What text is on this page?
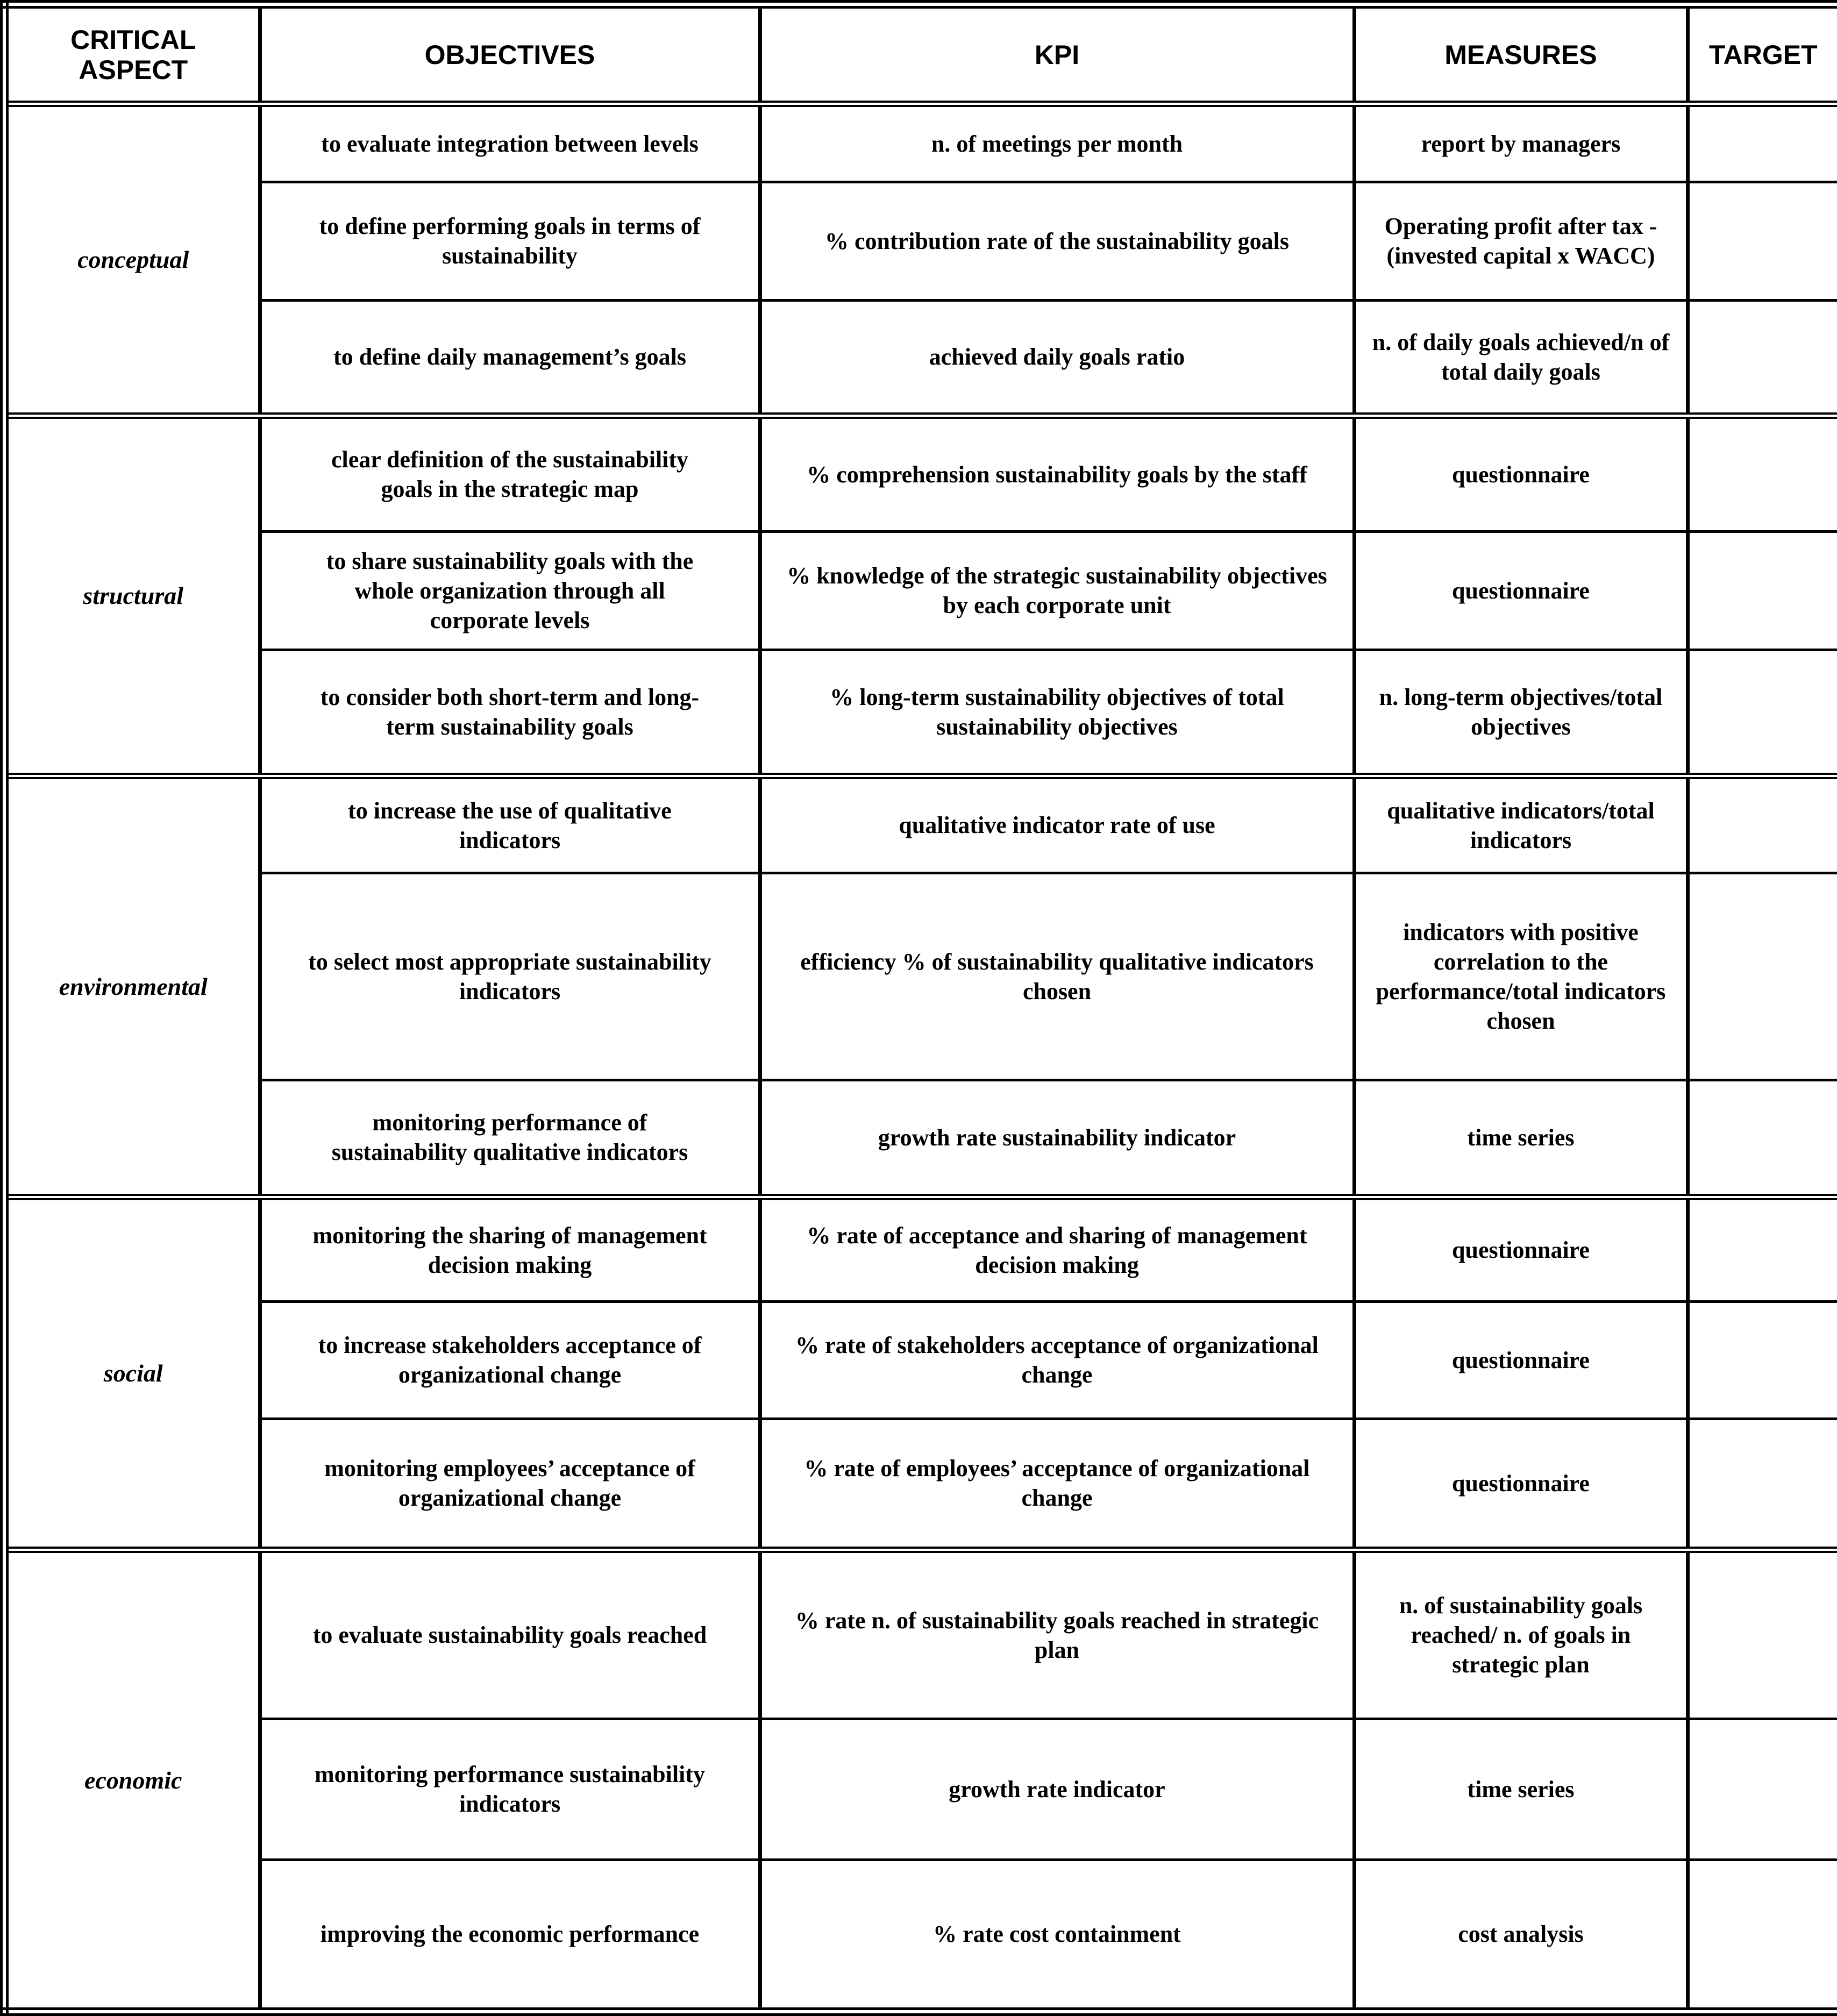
CRITICAL ASPECT	OBJECTIVES	KPI	MEASURES	TARGET
conceptual	to evaluate integration between levels	n. of meetings per month	report by managers	
	to define performing goals in terms of sustainability	% contribution rate of the sustainability goals	Operating profit after tax - (invested capital x WACC)	
	to define daily management’s goals	achieved daily goals ratio	n. of daily goals achieved/n of total daily goals	
structural	clear definition of the sustainability goals in the strategic map	% comprehension sustainability goals by the staff	questionnaire	
	to share sustainability goals with the whole organization through all corporate levels	% knowledge of the strategic sustainability objectives by each corporate unit	questionnaire	
	to consider both short-term and long-term sustainability goals	% long-term sustainability objectives of total sustainability objectives	n. long-term objectives/total objectives	
environmental	to increase the use of qualitative indicators	qualitative indicator rate of use	qualitative indicators/total indicators	
	to select most appropriate sustainability indicators	efficiency % of sustainability qualitative indicators chosen	indicators with positive correlation to the performance/total indicators chosen	
	monitoring performance of sustainability qualitative indicators	growth rate sustainability indicator	time series	
social	monitoring the sharing of management decision making	% rate of acceptance and sharing of management decision making	questionnaire	
	to increase stakeholders acceptance of organizational change	% rate of stakeholders acceptance of organizational change	questionnaire	
	monitoring employees’ acceptance of organizational change	% rate of employees’ acceptance of organizational change	questionnaire	
economic	to evaluate sustainability goals reached	% rate n. of sustainability goals reached in strategic plan	n. of sustainability goals reached/ n. of goals in strategic plan	
	monitoring performance sustainability indicators	growth rate indicator	time series	
	improving the economic performance	% rate cost containment	cost analysis	
